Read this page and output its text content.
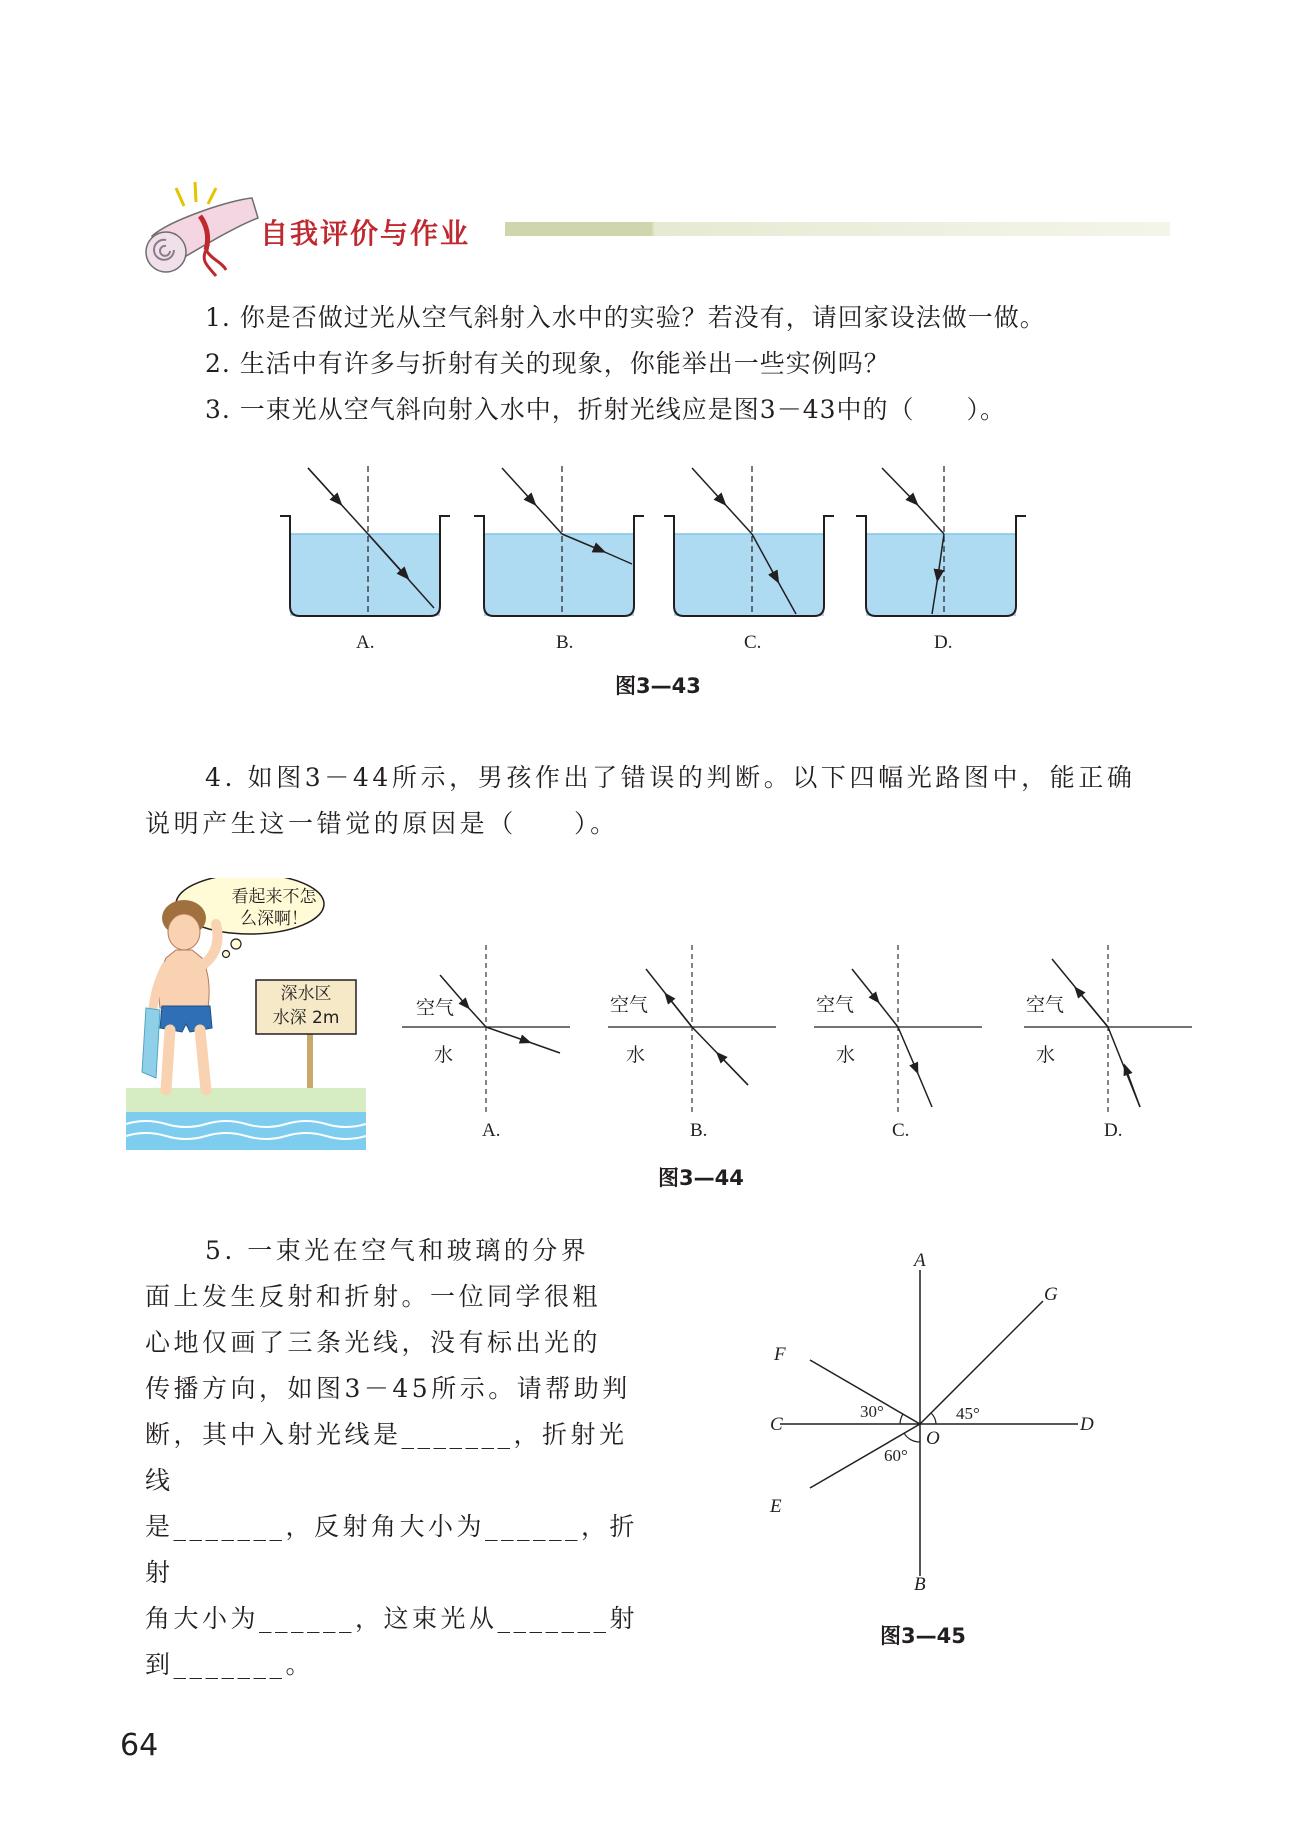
自我评价与作业
1. 你是否做过光从空气斜射入水中的实验？若没有，请回家设法做一做。
2. 生活中有许多与折射有关的现象，你能举出一些实例吗？
3. 一束光从空气斜向射入水中，折射光线应是图3－43中的（　　）。
A.	B.	C.	D.
图3—43
4. 如图3－44所示，男孩作出了错误的判断。以下四幅光路图中，能正确
说明产生这一错觉的原因是（　　）。
看起来不怎
么深啊！
深水区
水深 2m	空气
水
空气
水
空气
水
空气
水
A.	B.	C.	D.
图3—44
5. 一束光在空气和玻璃的分界
面上发生反射和折射。一位同学很粗
心地仅画了三条光线，没有标出光的
传播方向，如图3－45所示。请帮助判
断，其中入射光线是_______，折射光线
是_______，反射角大小为______，折射
角大小为______，这束光从_______射
到_______。
A
G
F
C	D
O
E
B
30°	45°
60°
图3—45
64
